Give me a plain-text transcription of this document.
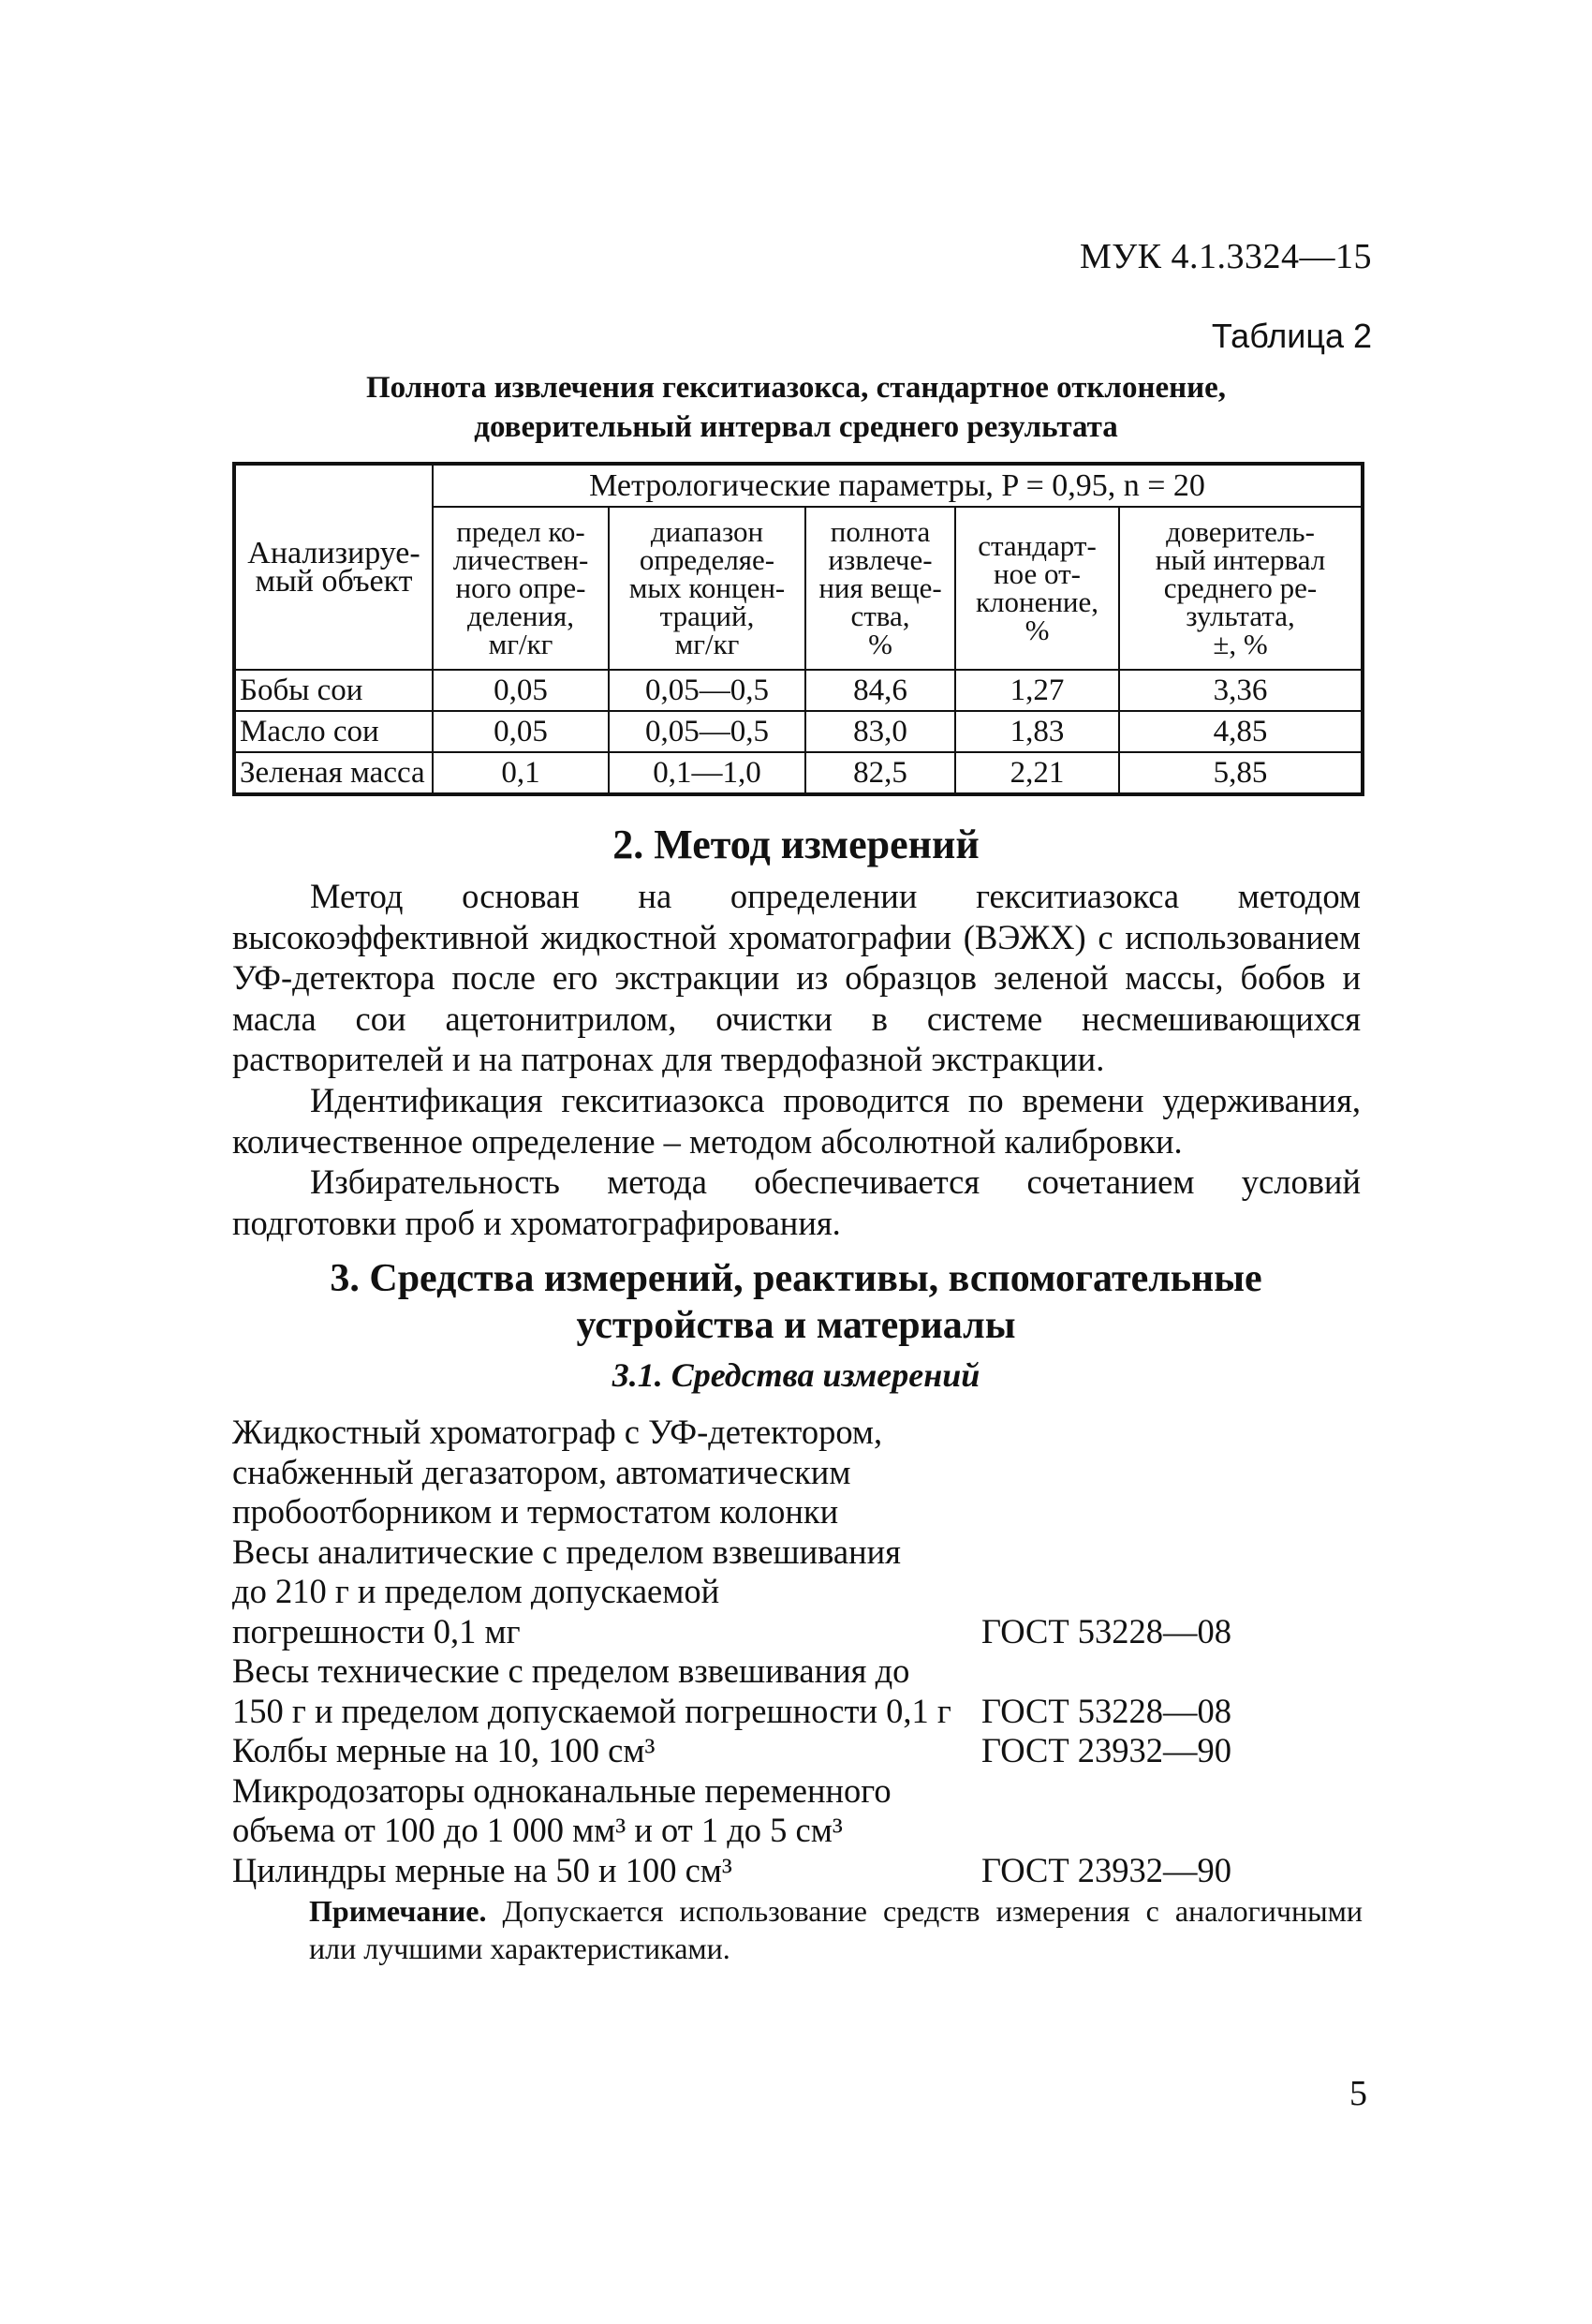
МУК 4.1.3324—15
Таблица 2
Полнота извлечения гекситиазокса, стандартное отклонение,
доверительный интервал среднего результата
Анализируе-
мый объект	Метрологические параметры, P = 0,95, n = 20				

	предел ко-
личествен-
ного опре-
деления,
мг/кг	диапазон
определяе-
мых концен-
траций,
мг/кг	полнота
извлече-
ния веще-
ства,
%	стандарт-
ное от-
клонение,
%	доверитель-
ный интервал
среднего ре-
зультата,
±, %

Бобы сои	0,05	0,05—0,5	84,6	1,27	3,36
Масло сои	0,05	0,05—0,5	83,0	1,83	4,85
Зеленая масса	0,1	0,1—1,0	82,5	2,21	5,85
2. Метод измерений
Метод основан на определении гекситиазокса методом высокоэффективной жидкостной хроматографии (ВЭЖХ) с использованием УФ-детектора после его экстракции из образцов зеленой массы, бобов и масла сои ацетонитрилом, очистки в системе несмешивающихся растворителей и на патронах для твердофазной экстракции.
Идентификация гекситиазокса проводится по времени удерживания, количественное определение – методом абсолютной калибровки.
Избирательность метода обеспечивается сочетанием условий подготовки проб и хроматографирования.
3. Средства измерений, реактивы, вспомогательные
устройства и материалы
3.1. Средства измерений
Жидкостный хроматограф с УФ-детектором,
снабженный дегазатором, автоматическим
пробоотборником и термостатом колонки
Весы аналитические с пределом взвешивания
до 210 г и пределом допускаемой
погрешности 0,1 мг	ГОСТ 53228—08
Весы технические с пределом взвешивания до
150 г и пределом допускаемой погрешности 0,1 г ГОСТ 53228—08
Колбы мерные на 10, 100 см³	ГОСТ 23932—90
Микродозаторы одноканальные переменного
объема от 100 до 1 000 мм³ и от 1 до 5 см³
Цилиндры мерные на 50 и 100 см³	ГОСТ 23932—90
Примечание. Допускается использование средств измерения с аналогичными или лучшими характеристиками.
5
